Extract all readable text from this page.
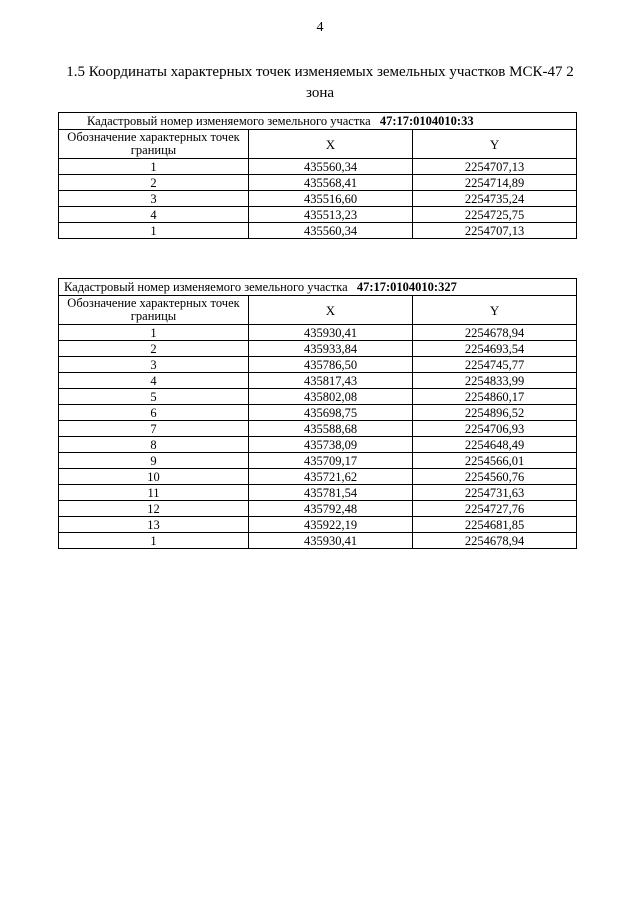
4
1.5 Координаты характерных точек изменяемых земельных участков МСК-47 2 зона
Кадастровый номер изменяемого земельного участка 47:17:0104010:33		
Обозначение характерных точек границы	X	Y
1	435560,34	2254707,13
2	435568,41	2254714,89
3	435516,60	2254735,24
4	435513,23	2254725,75
1	435560,34	2254707,13
Кадастровый номер изменяемого земельного участка 47:17:0104010:327		
Обозначение характерных точек границы	X	Y
1	435930,41	2254678,94
2	435933,84	2254693,54
3	435786,50	2254745,77
4	435817,43	2254833,99
5	435802,08	2254860,17
6	435698,75	2254896,52
7	435588,68	2254706,93
8	435738,09	2254648,49
9	435709,17	2254566,01
10	435721,62	2254560,76
11	435781,54	2254731,63
12	435792,48	2254727,76
13	435922,19	2254681,85
1	435930,41	2254678,94
